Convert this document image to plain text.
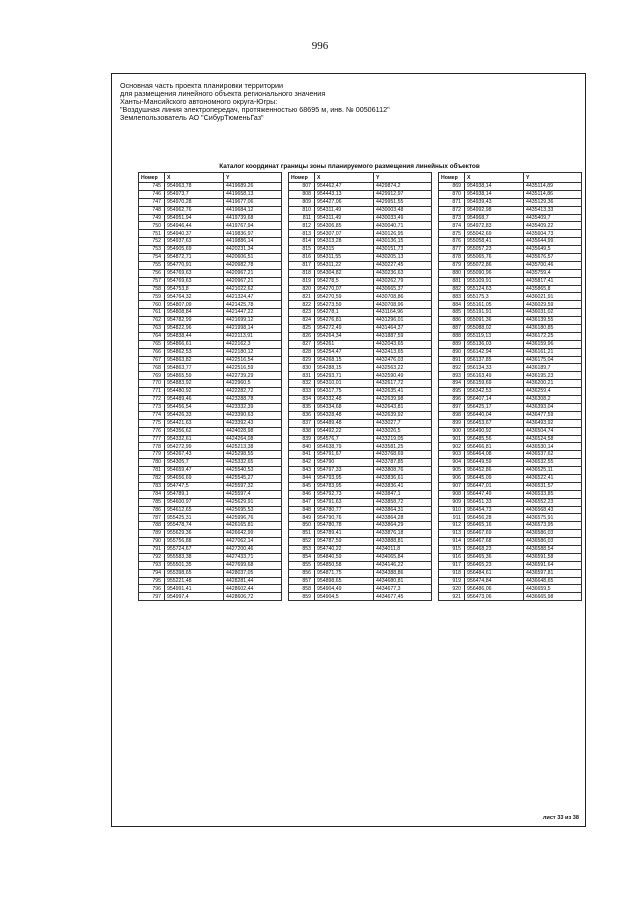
996
Основная часть проекта планировки территории
для размещения линейного объекта регионального значения
Ханты-Мансийского автономного округа-Югры:
"Воздушная линия электропередач, протяженностью 68695 м, инв. № 00506112"
Землепользователь АО "СибурТюменьГаз"
Каталог координат границы зоны планируемого размещения линейных объектов
Номер	X	Y
745	954963,78	4419689,26
746	954973,7	4419658,13
747	954970,28	4419677,06
748	954962,76	4419684,12
749	954951,94	4419739,68
750	954946,44	4419767,94
751	954940,37	4419836,97
752	954937,63	4419886,14
753	954905,69	4420231,34
754	954872,71	4420606,51
755	954770,91	4420982,78
756	954769,63	4420967,21
757	954769,63	4420967,21
758	954753,8	4421022,62
759	954764,32	4421324,47
760	954807,09	4421425,78
761	954808,84	4421447,22
762	954782,99	4421699,12
763	954822,96	4421998,14
764	954838,44	4422113,91
765	954866,61	4422162,3
766	954862,53	4422180,12
767	954863,82	4422516,54
768	954863,77	4422516,59
769	954865,59	4422739,29
770	954883,92	4422960,5
771	954480,92	4422282,72
772	954489,46	4423288,78
773	954456,54	4423332,39
774	954426,33	4423390,63
775	954421,63	4423392,43
776	954356,62	4424028,98
777	954332,61	4424264,08
778	954272,99	4425213,38
779	954267,43	4425298,55
780	954305,7	4425332,65
781	954659,47	4425540,53
782	954656,69	4425545,27
783	954747,5	4425597,32
784	954789,1	4425597,4
785	954600,97	4425629,91
786	954612,65	4425695,53
787	955425,31	4425996,76
788	955478,74	4426165,81
789	955629,36	4426642,99
790	955756,88	4427062,14
791	955724,67	4427200,46
792	955583,38	4427433,71
793	955501,35	4427699,68
794	955398,65	4428037,05
795	955221,48	4428281,44
796	954991,41	4428602,44
797	954997,4	4428606,72
Номер	X	Y
807	954462,47	4429874,2
808	954443,13	4429912,97
809	954427,06	4429951,55
810	954311,49	4430003,48
811	954311,49	4430033,49
812	954306,85	4430040,71
813	954307,07	4430126,95
814	954313,28	4430136,15
815	954315	4430151,73
816	954311,55	4430205,13
817	954311,22	4430227,45
818	954304,82	4430236,63
819	954278,5	4430262,79
820	954270,07	4430665,37
821	954270,59	4430708,86
822	954273,59	4430708,96
823	954278,1	4431164,96
824	954276,81	4431296,01
825	954272,49	4431464,37
826	954264,34	4431887,59
827	954261	4432043,65
828	954254,47	4432413,65
829	954268,15	4432476,03
830	954288,15	4432563,22
831	954293,71	4432590,49
832	954310,01	4432617,72
833	954317,75	4432635,41
834	954332,48	4432639,98
835	954334,68	4432643,81
836	954328,48	4432639,92
837	954489,48	4433027,7
838	954492,22	4433026,5
839	954576,7	4433219,05
840	954638,79	4433581,25
841	954791,67	4433768,69
842	954790	4433787,85
843	954797,33	4433808,76
844	954793,95	4433836,61
845	954783,95	4433836,41
846	954792,73	4433847,1
847	954791,63	4433858,72
848	954780,77	4433864,31
849	954790,76	4433864,28
850	954780,78	4433864,29
851	954789,41	4433876,18
852	954787,59	4433888,81
853	954740,22	4434011,8
854	954840,59	4434065,84
855	954850,58	4434146,22
856	954871,75	4434388,86
857	954898,65	4434680,81
858	954904,49	4434677,3
859	954904,5	4434677,45
Номер	X	Y
869	954938,14	4435114,89
870	954938,14	4435114,86
871	954939,43	4435129,36
872	954992,98	4435413,33
873	954968,7	4435409,7
874	954972,83	4435409,22
875	955042,69	4435604,73
876	955058,41	4435644,99
877	955057,23	4435649,5
878	955065,76	4435676,57
879	955072,86	4435700,46
880	955090,96	4435759,4
881	955109,91	4435817,41
882	955124,63	4435865,8
883	955175,3	4436021,91
884	955161,05	4436029,59
885	955191,91	4436031,02
886	955091,36	4436139,55
887	955088,02	4436180,85
888	955119,13	4436172,25
889	955136,03	4436159,96
890	956142,94	4436161,21
891	956137,85	4436175,04
892	956134,33	4436189,7
893	956163,49	4436195,23
894	956159,69	4436200,21
895	956342,53	4436259,4
896	956407,14	4436308,2
897	956425,17	4436393,04
898	956440,04	4436477,59
899	956453,67	4436493,92
900	956490,92	4436504,74
901	956485,56	4436524,58
902	956466,81	4436530,14
903	956464,08	4436537,62
904	956449,59	4436532,55
905	956452,86	4436525,11
906	956445,09	4436522,41
907	956447,01	4436531,57
908	956447,49	4436533,85
909	956451,33	4436552,23
910	956454,73	4436568,43
911	956456,28	4436575,91
912	956465,16	4436573,95
913	956467,69	4436586,03
914	956467,68	4436586,03
915	956468,23	4436588,54
916	956465,36	4436591,58
917	956465,23	4436591,64
918	956484,61	4436597,81
919	956474,84	4436648,65
920	956486,06	4436659,5
921	956473,06	4436665,98
лист 33 из 38
